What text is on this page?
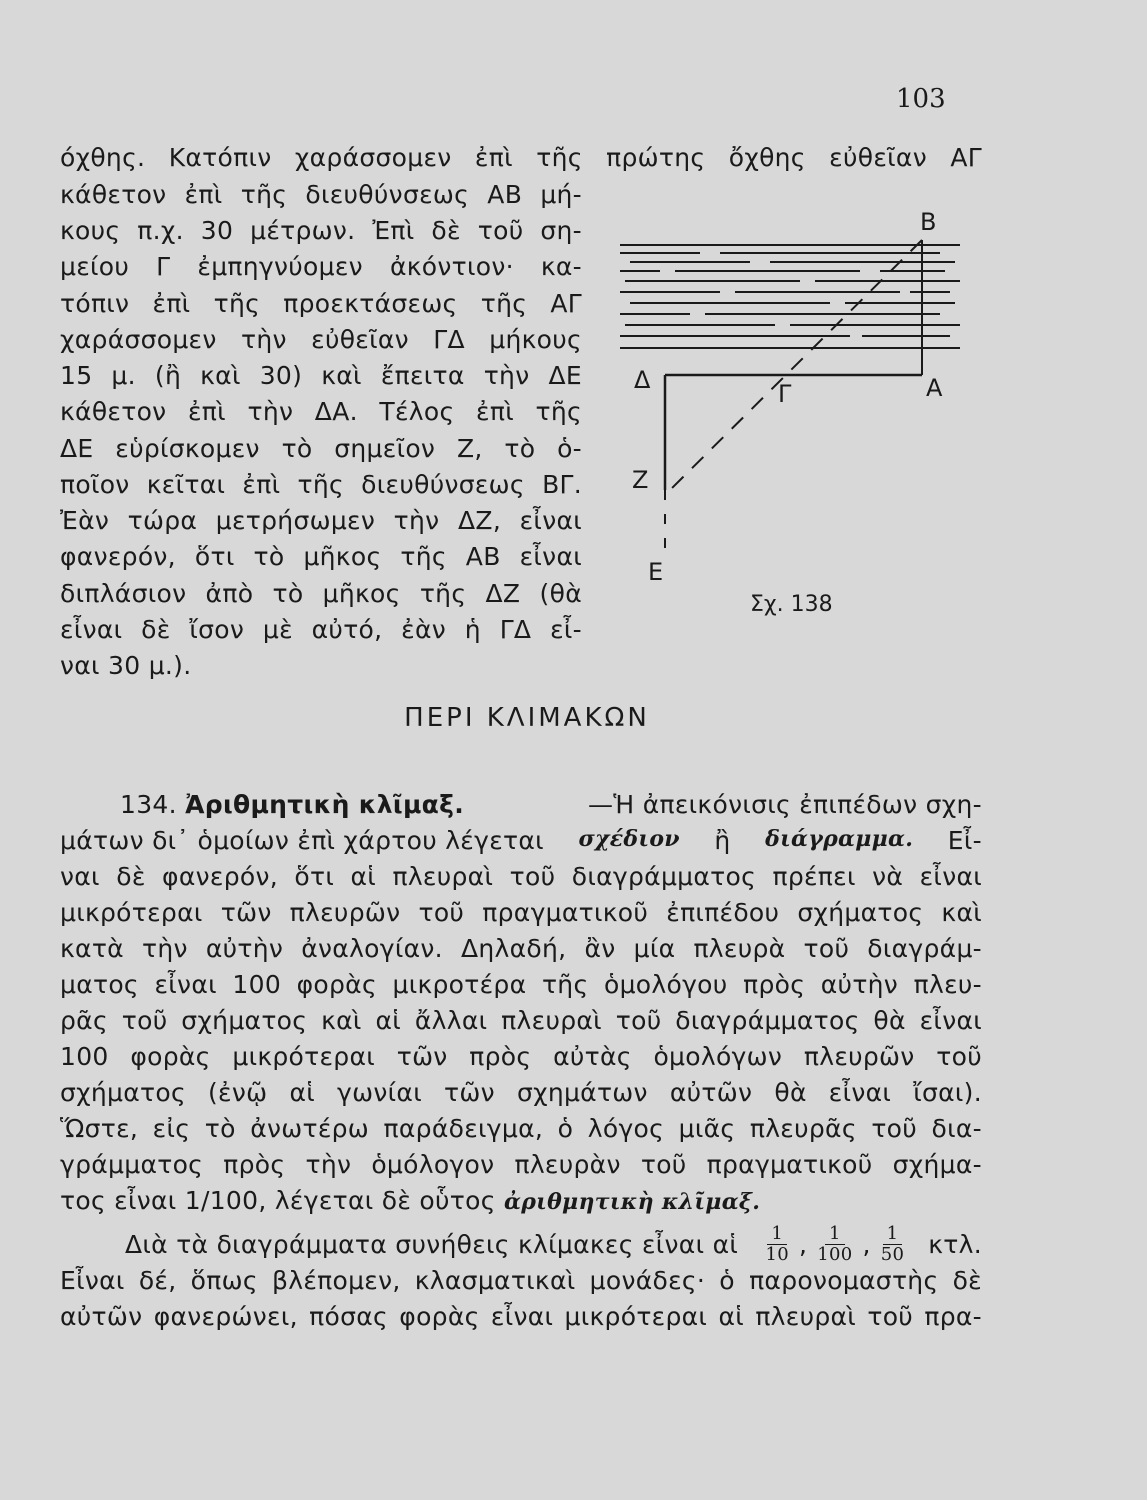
103
όχθης. Κατόπιν χαράσσομεν ἐπὶ τῆς πρώτης ὄχθης εὐθεῖαν ΑΓ
κάθετον ἐπὶ τῆς διευθύνσεως ΑΒ μή-
κους π.χ. 30 μέτρων. Ἐπὶ δὲ τοῦ ση-
μείου Γ ἐμπηγνύομεν ἀκόντιον· κα-
τόπιν ἐπὶ τῆς προεκτάσεως τῆς ΑΓ
χαράσσομεν τὴν εὐθεῖαν ΓΔ μήκους
15 μ. (ἢ καὶ 30) καὶ ἔπειτα τὴν ΔΕ
κάθετον ἐπὶ τὴν ΔΑ. Τέλος ἐπὶ τῆς
ΔΕ εὑρίσκομεν τὸ σημεῖον Ζ, τὸ ὁ-
ποῖον κεῖται ἐπὶ τῆς διευθύνσεως ΒΓ.
Ἐὰν τώρα μετρήσωμεν τὴν ΔΖ, εἶναι
φανερόν, ὅτι τὸ μῆκος τῆς ΑΒ εἶναι
διπλάσιον ἀπὸ τὸ μῆκος τῆς ΔΖ (θὰ
εἶναι δὲ ἴσον μὲ αὐτό, ἐὰν ἡ ΓΔ εἶ-
ναι 30 μ.).
Β
Α
Γ
Δ
Ζ
Ε
Σχ. 138
ΠΕΡΙ ΚΛΙΜΑΚΩΝ
134. Ἀριθμητικὴ κλῖμαξ.	—Ἡ ἀπεικόνισις ἐπιπέδων σχη-
μάτων δι᾽ ὁμοίων ἐπὶ χάρτου λέγεται σχέδιον ἢ διάγραμμα. Εἶ-
ναι δὲ φανερόν, ὅτι αἱ πλευραὶ τοῦ διαγράμματος πρέπει νὰ εἶναι
μικρότεραι τῶν πλευρῶν τοῦ πραγματικοῦ ἐπιπέδου σχήματος καὶ
κατὰ τὴν αὐτὴν ἀναλογίαν. Δηλαδή, ἂν μία πλευρὰ τοῦ διαγράμ-
ματος εἶναι 100 φορὰς μικροτέρα τῆς ὁμολόγου πρὸς αὐτὴν πλευ-
ρᾶς τοῦ σχήματος καὶ αἱ ἄλλαι πλευραὶ τοῦ διαγράμματος θὰ εἶναι
100 φορὰς μικρότεραι τῶν πρὸς αὐτὰς ὁμολόγων πλευρῶν τοῦ
σχήματος (ἐνῷ αἱ γωνίαι τῶν σχημάτων αὐτῶν θὰ εἶναι ἴσαι).
Ὥστε, εἰς τὸ ἀνωτέρω παράδειγμα, ὁ λόγος μιᾶς πλευρᾶς τοῦ δια-
γράμματος πρὸς τὴν ὁμόλογον πλευρὰν τοῦ πραγματικοῦ σχήμα-
τος εἶναι 1/100, λέγεται δὲ οὗτος ἀριθμητικὴ κλῖμαξ.
Διὰ τὰ διαγράμματα συνήθεις κλίμακες εἶναι αἱ $\frac{1}{10}$ , $\frac{1}{100}$ , $\frac{1}{50} \kappa\tau\lambda$.
Εἶναι δέ, ὅπως βλέπομεν, κλασματικαὶ μονάδες· ὁ παρονομαστὴς δὲ
αὐτῶν φανερώνει, πόσας φορὰς εἶναι μικρότεραι αἱ πλευραὶ τοῦ πρα-
